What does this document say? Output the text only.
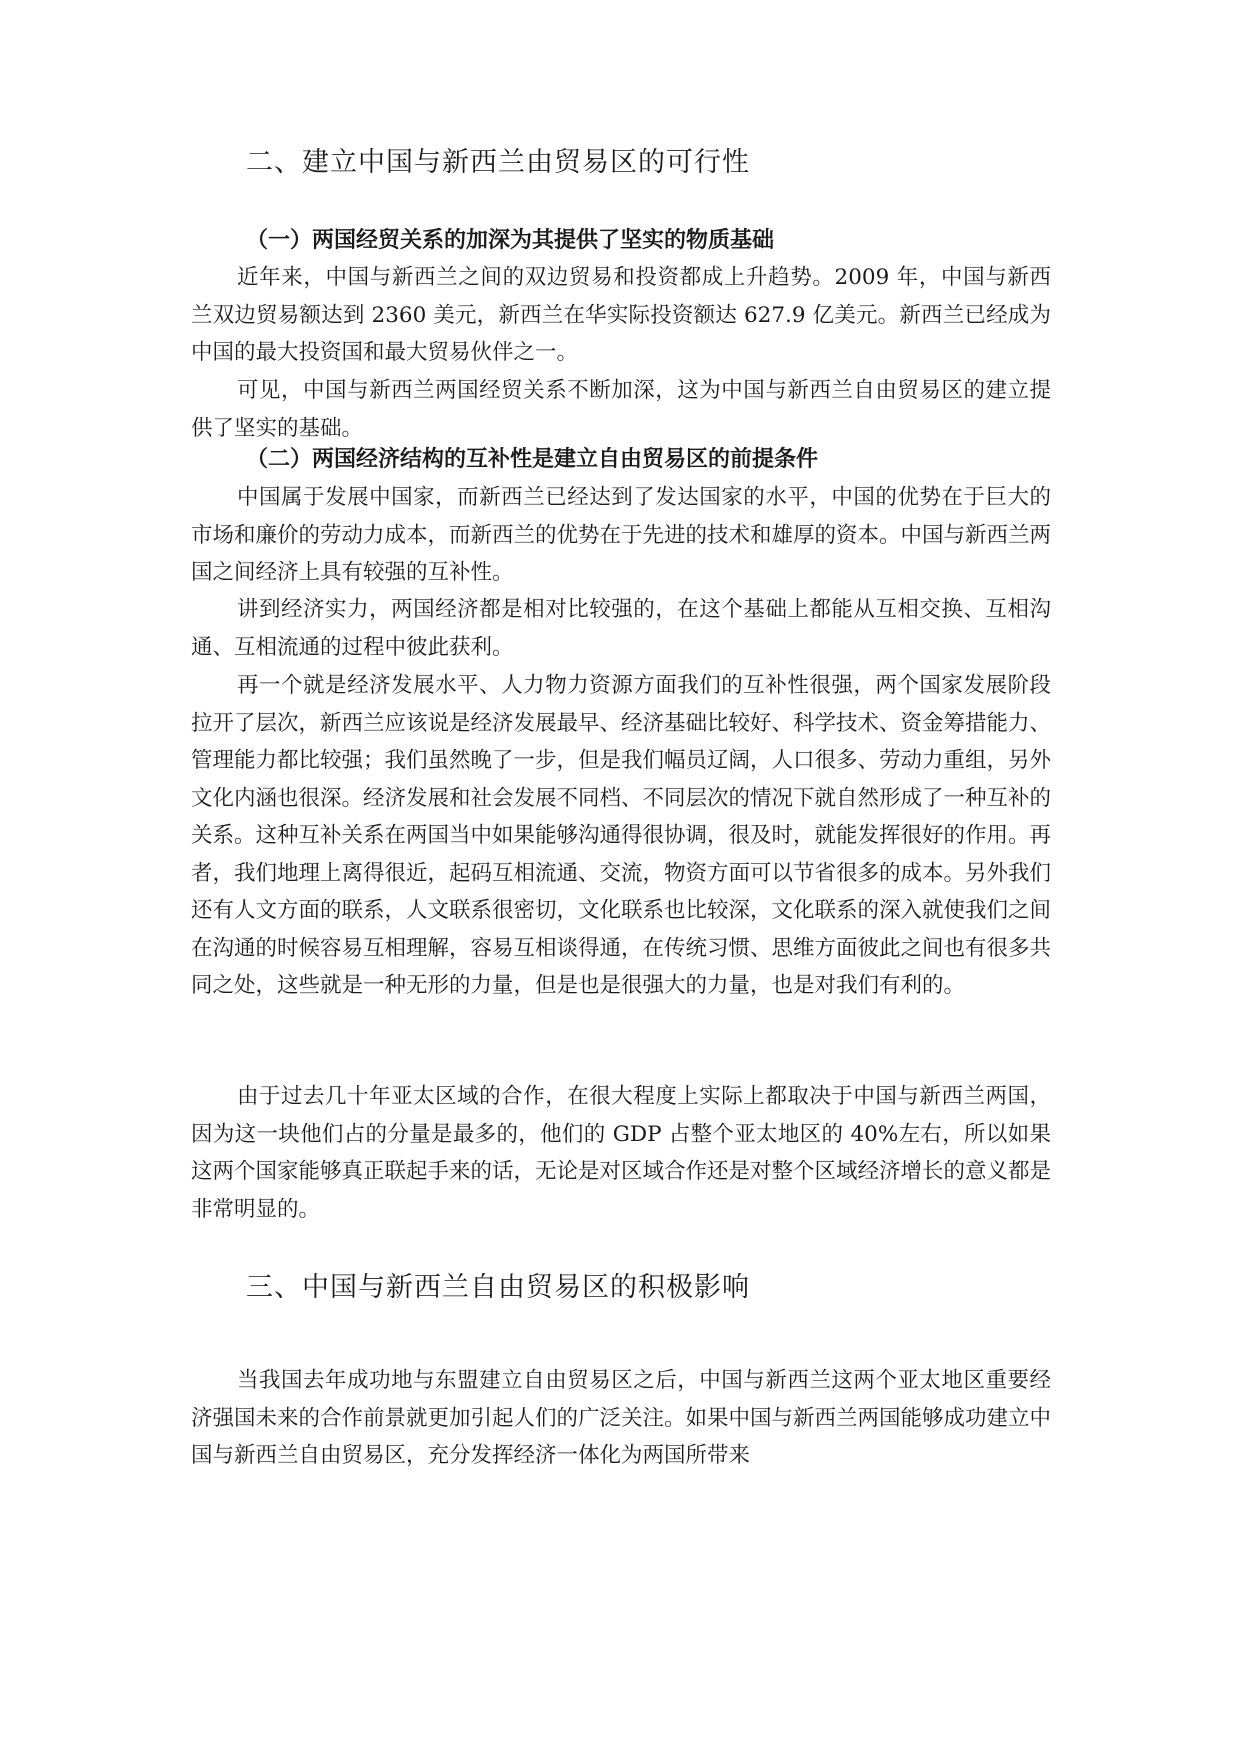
二、建立中国与新西兰由贸易区的可行性
（一）两国经贸关系的加深为其提供了坚实的物质基础

近年来，中国与新西兰之间的双边贸易和投资都成上升趋势。2009 年，中国与新西兰双边贸易额达到 2360 美元，新西兰在华实际投资额达 627.9 亿美元。新西兰已经成为中国的最大投资国和最大贸易伙伴之一。

可见，中国与新西兰两国经贸关系不断加深，这为中国与新西兰自由贸易区的建立提供了坚实的基础。

（二）两国经济结构的互补性是建立自由贸易区的前提条件

中国属于发展中国家，而新西兰已经达到了发达国家的水平，中国的优势在于巨大的市场和廉价的劳动力成本，而新西兰的优势在于先进的技术和雄厚的资本。中国与新西兰两国之间经济上具有较强的互补性。

讲到经济实力，两国经济都是相对比较强的，在这个基础上都能从互相交换、互相沟通、互相流通的过程中彼此获利。

再一个就是经济发展水平、人力物力资源方面我们的互补性很强，两个国家发展阶段拉开了层次，新西兰应该说是经济发展最早、经济基础比较好、科学技术、资金筹措能力、管理能力都比较强；我们虽然晚了一步，但是我们幅员辽阔，人口很多、劳动力重组，另外文化内涵也很深。经济发展和社会发展不同档、不同层次的情况下就自然形成了一种互补的关系。这种互补关系在两国当中如果能够沟通得很协调，很及时，就能发挥很好的作用。再者，我们地理上离得很近，起码互相流通、交流，物资方面可以节省很多的成本。另外我们还有人文方面的联系，人文联系很密切，文化联系也比较深，文化联系的深入就使我们之间在沟通的时候容易互相理解，容易互相谈得通，在传统习惯、思维方面彼此之间也有很多共同之处，这些就是一种无形的力量，但是也是很强大的力量，也是对我们有利的。

由于过去几十年亚太区域的合作，在很大程度上实际上都取决于中国与新西兰两国，因为这一块他们占的分量是最多的，他们的 GDP 占整个亚太地区的 40%左右，所以如果这两个国家能够真正联起手来的话，无论是对区域合作还是对整个区域经济增长的意义都是非常明显的。

三、中国与新西兰自由贸易区的积极影响

当我国去年成功地与东盟建立自由贸易区之后，中国与新西兰这两个亚太地区重要经济强国未来的合作前景就更加引起人们的广泛关注。如果中国与新西兰两国能够成功建立中国与新西兰自由贸易区，充分发挥经济一体化为两国所带来
